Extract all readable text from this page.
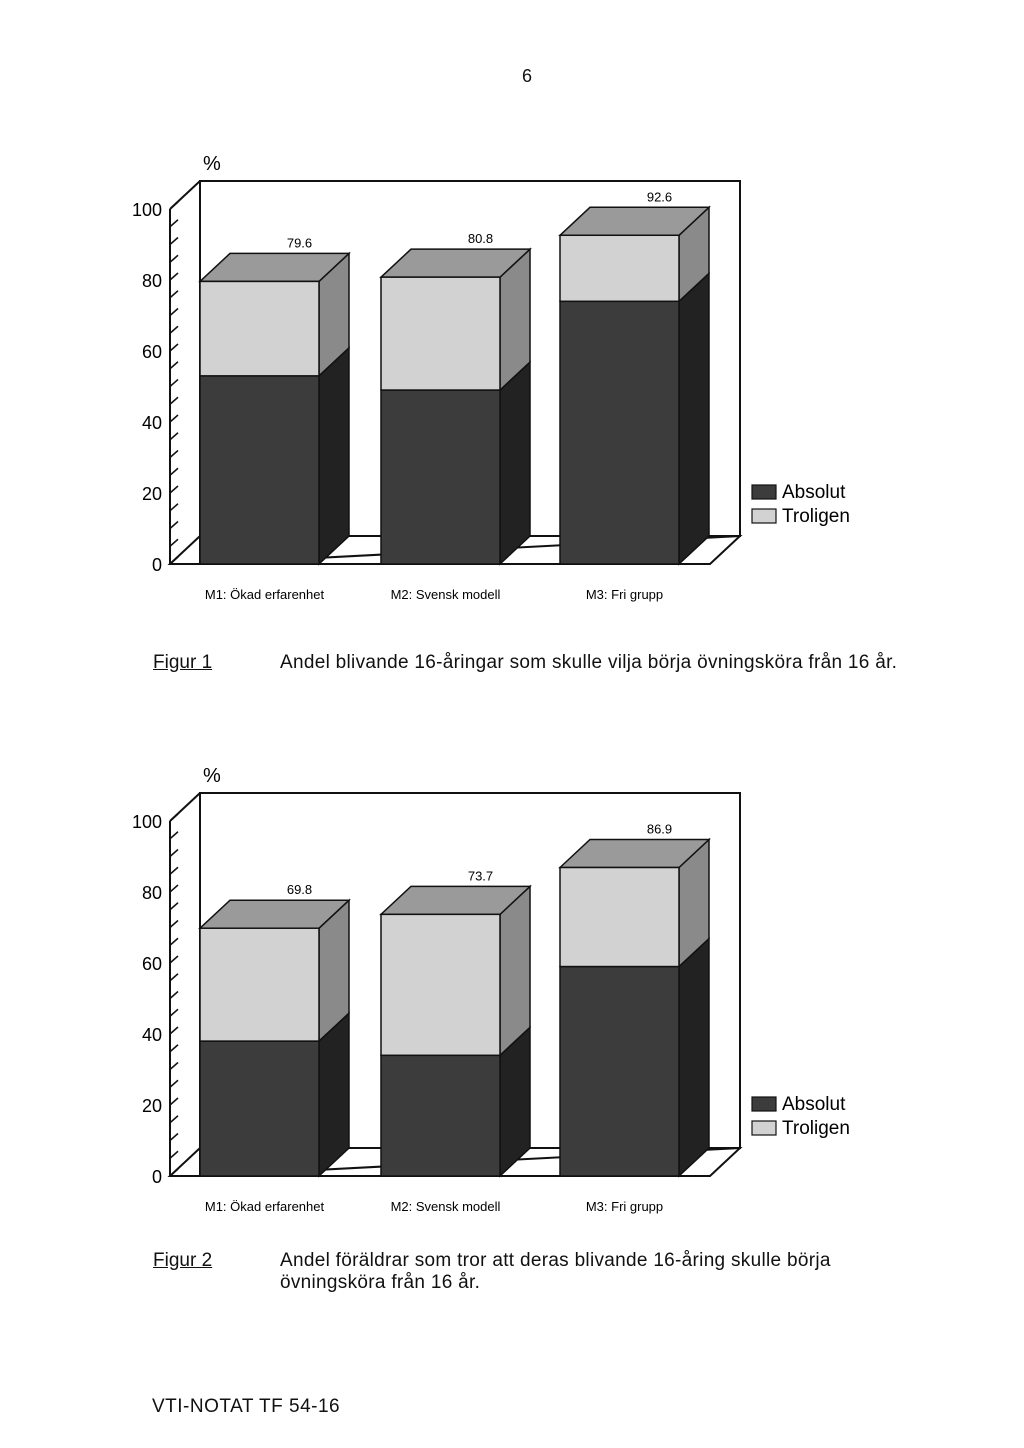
6
0
20
40
60
80
100
%
79.6
M1: Ökad erfarenhet
80.8
M2: Svensk modell
92.6
M3: Fri grupp
Absolut
Troligen
Figur 1	Andel blivande 16-åringar som skulle vilja börja övningsköra från 16 år.
0
20
40
60
80
100
%
69.8
M1: Ökad erfarenhet
73.7
M2: Svensk modell
86.9
M3: Fri grupp
Absolut
Troligen
Figur 2	Andel föräldrar som tror att deras blivande 16-åring skulle börja övningsköra från 16 år.
VTI-NOTAT TF 54-16
